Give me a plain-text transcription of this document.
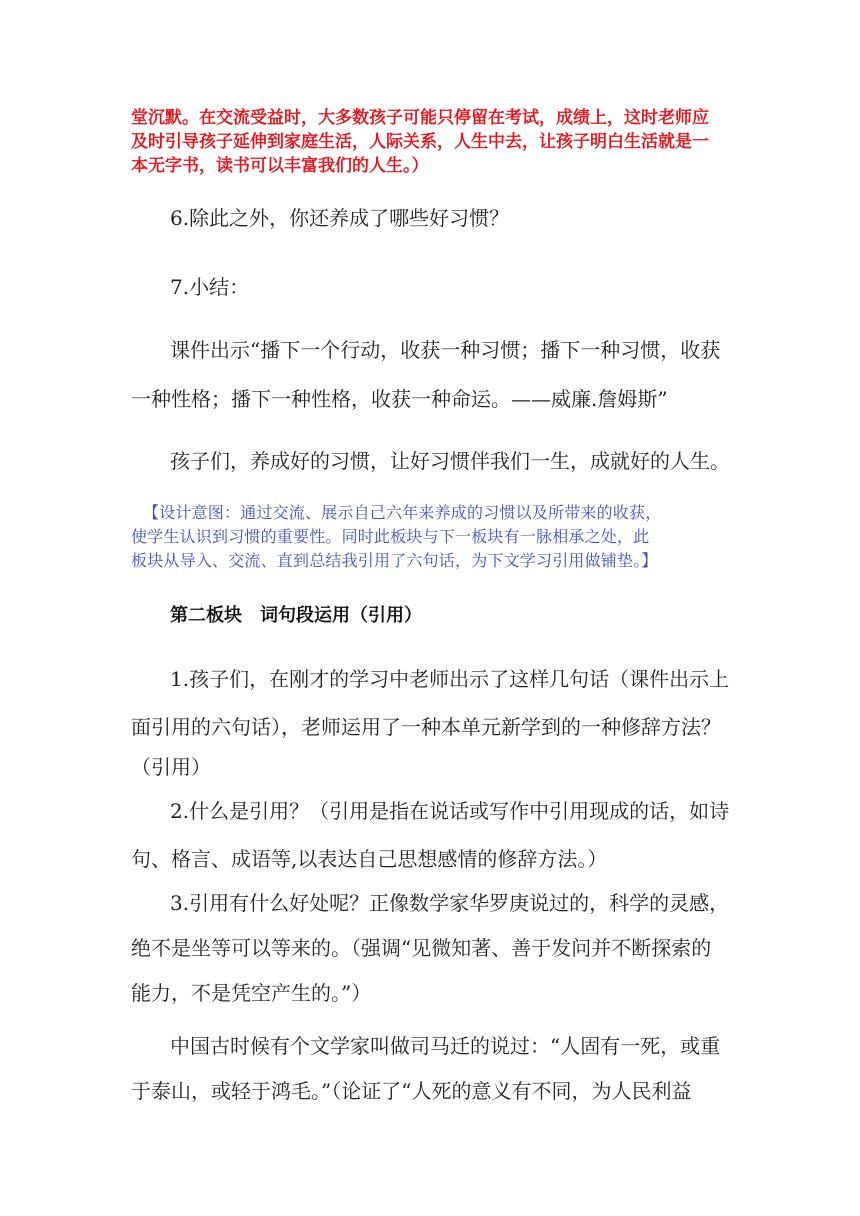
堂沉默。在交流受益时，大多数孩子可能只停留在考试，成绩上，这时老师应

及时引导孩子延伸到家庭生活，人际关系，人生中去，让孩子明白生活就是一

本无字书，读书可以丰富我们的人生。）

6.除此之外，你还养成了哪些好习惯？

7.小结：

课件出示“播下一个行动，收获一种习惯；播下一种习惯，收获

一种性格；播下一种性格，收获一种命运。——威廉.詹姆斯”

孩子们，养成好的习惯，让好习惯伴我们一生，成就好的人生。

【设计意图：通过交流、展示自己六年来养成的习惯以及所带来的收获，

使学生认识到习惯的重要性。同时此板块与下一板块有一脉相承之处，此

板块从导入、交流、直到总结我引用了六句话，为下文学习引用做铺垫。】

第二板块　词句段运用（引用）

1.孩子们，在刚才的学习中老师出示了这样几句话（课件出示上

面引用的六句话），老师运用了一种本单元新学到的一种修辞方法？

（引用）

2.什么是引用？（引用是指在说话或写作中引用现成的话，如诗

句、格言、成语等,以表达自己思想感情的修辞方法。）

3.引用有什么好处呢？正像数学家华罗庚说过的，科学的灵感，

绝不是坐等可以等来的。（强调“见微知著、善于发问并不断探索的

能力，不是凭空产生的。”）

中国古时候有个文学家叫做司马迁的说过：“人固有一死，或重

于泰山，或轻于鸿毛。”（论证了“人死的意义有不同，为人民利益
